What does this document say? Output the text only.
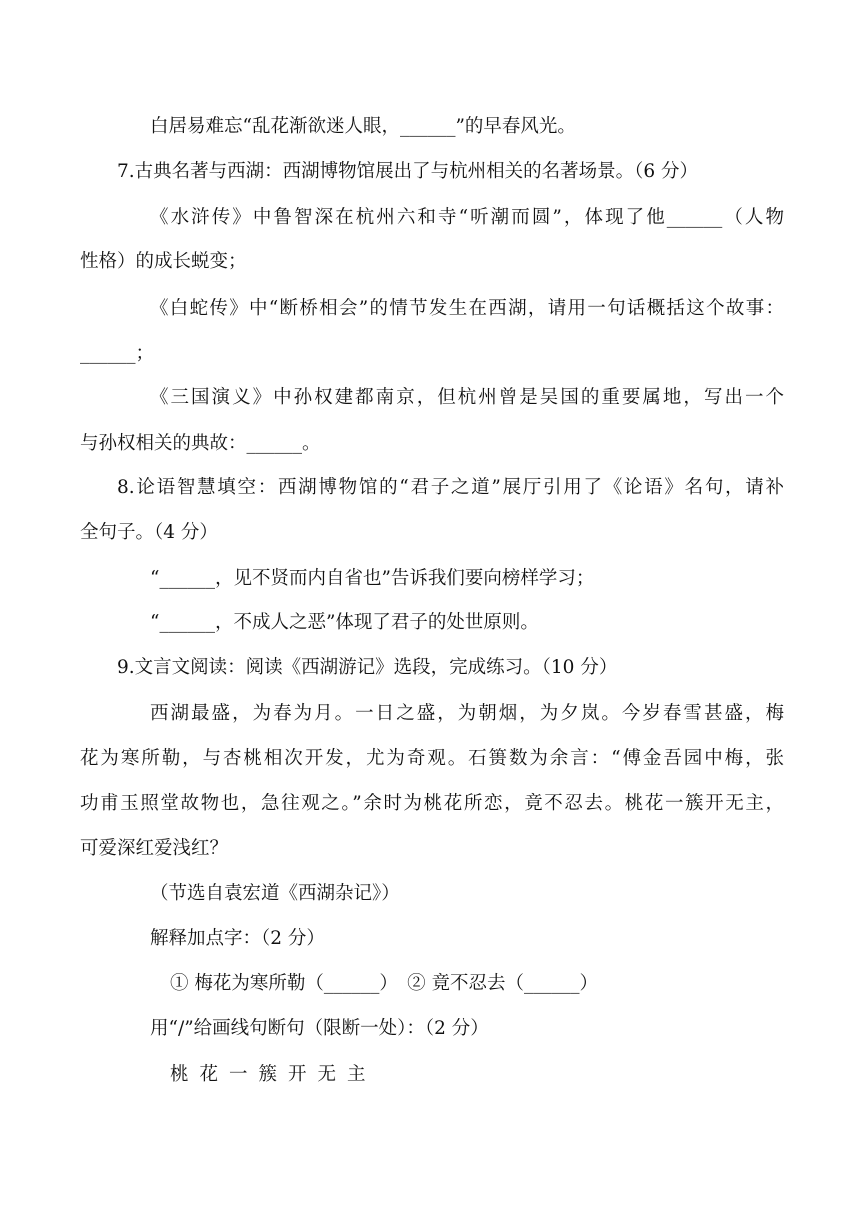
白居易难忘“乱花渐欲迷人眼，______”的早春风光。
7.古典名著与西湖：西湖博物馆展出了与杭州相关的名著场景。（6 分）
《水浒传》中鲁智深在杭州六和寺“听潮而圆”，体现了他______（人物
性格）的成长蜕变；
《白蛇传》中“断桥相会”的情节发生在西湖，请用一句话概括这个故事：
______；
《三国演义》中孙权建都南京，但杭州曾是吴国的重要属地，写出一个
与孙权相关的典故：______。
8.论语智慧填空：西湖博物馆的“君子之道”展厅引用了《论语》名句，请补
全句子。（4 分）
“______，见不贤而内自省也”告诉我们要向榜样学习；
“______，不成人之恶”体现了君子的处世原则。
9.文言文阅读：阅读《西湖游记》选段，完成练习。（10 分）
西湖最盛，为春为月。一日之盛，为朝烟，为夕岚。今岁春雪甚盛，梅
花为寒所勒，与杏桃相次开发，尤为奇观。石篑数为余言：“傅金吾园中梅，张
功甫玉照堂故物也，急往观之。”余时为桃花所恋，竟不忍去。桃花一簇开无主，
可爱深红爱浅红？
（节选自袁宏道《西湖杂记》）
解释加点字：（2 分）
① 梅花为寒所勒（______）　② 竟不忍去（______）
用“/”给画线句断句（限断一处）：（2 分）
桃花一簇开无主
